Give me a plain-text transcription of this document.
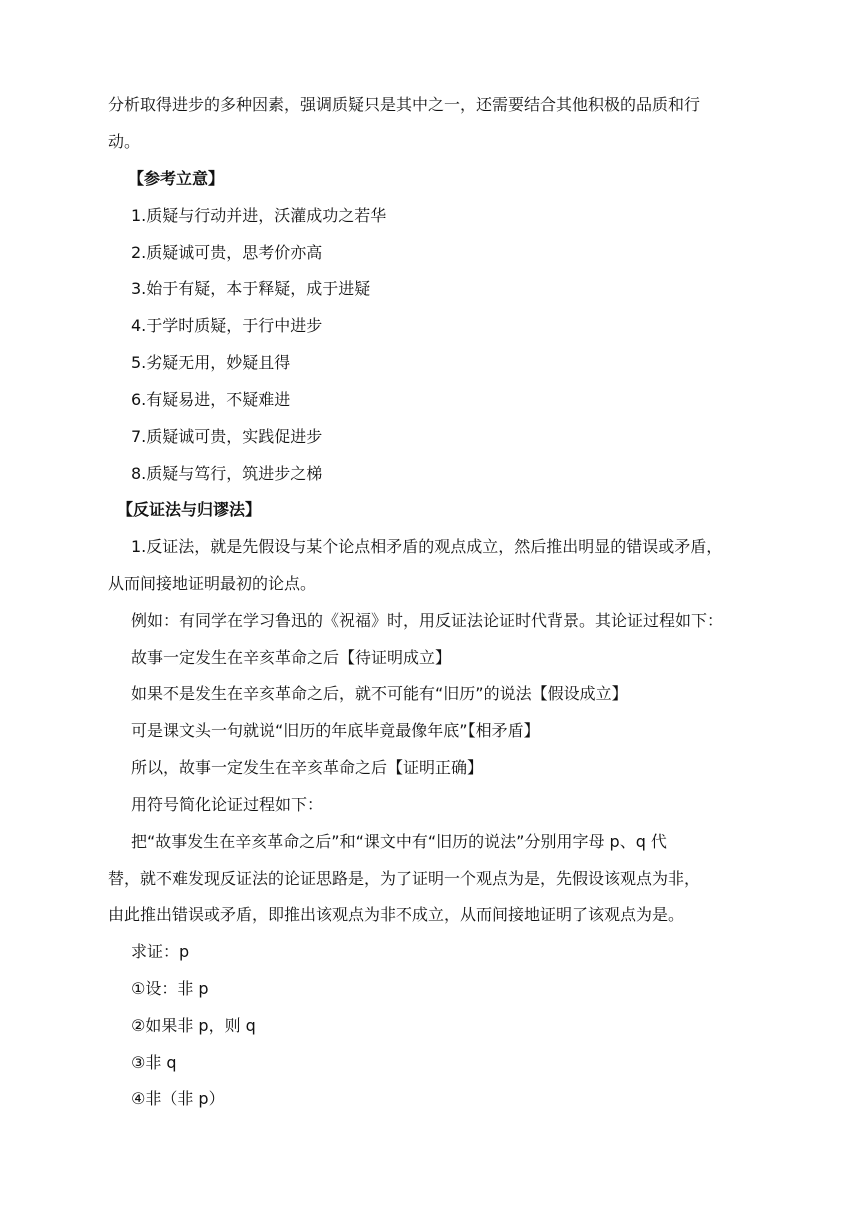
分析取得进步的多种因素，强调质疑只是其中之一，还需要结合其他积极的品质和行
动。
【参考立意】
1.质疑与行动并进，沃灌成功之若华
2.质疑诚可贵，思考价亦高
3.始于有疑，本于释疑，成于进疑
4.于学时质疑，于行中进步
5.劣疑无用，妙疑且得
6.有疑易进，不疑难进
7.质疑诚可贵，实践促进步
8.质疑与笃行，筑进步之梯
【反证法与归谬法】
1.反证法，就是先假设与某个论点相矛盾的观点成立，然后推出明显的错误或矛盾，
从而间接地证明最初的论点。
例如：有同学在学习鲁迅的《祝福》时，用反证法论证时代背景。其论证过程如下：
故事一定发生在辛亥革命之后【待证明成立】
如果不是发生在辛亥革命之后，就不可能有“旧历”的说法【假设成立】
可是课文头一句就说“旧历的年底毕竟最像年底”【相矛盾】
所以，故事一定发生在辛亥革命之后【证明正确】
用符号简化论证过程如下：
把“故事发生在辛亥革命之后”和“课文中有“旧历的说法”分别用字母 p、q 代
替，就不难发现反证法的论证思路是，为了证明一个观点为是，先假设该观点为非，
由此推出错误或矛盾，即推出该观点为非不成立，从而间接地证明了该观点为是。
求证：p
①设：非 p
②如果非 p，则 q
③非 q
④非（非 p）
